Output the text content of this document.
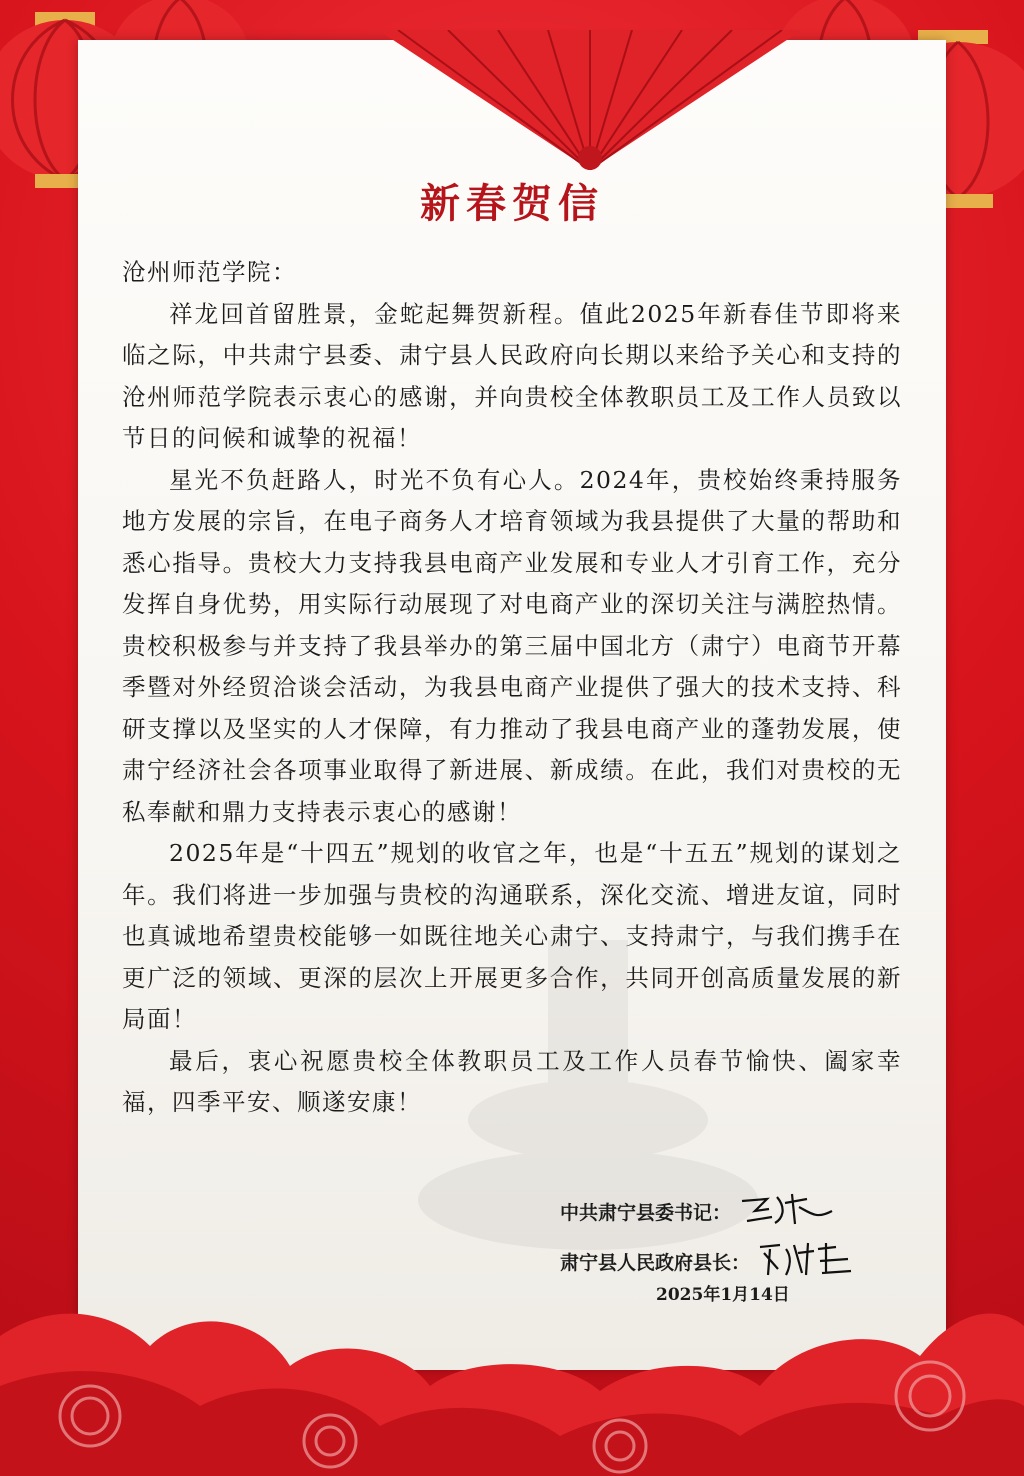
新春贺信

沧州师范学院：

祥龙回首留胜景，金蛇起舞贺新程。值此2025年新春佳节即将来临之际，中共肃宁县委、肃宁县人民政府向长期以来给予关心和支持的沧州师范学院表示衷心的感谢，并向贵校全体教职员工及工作人员致以节日的问候和诚挚的祝福！

星光不负赶路人，时光不负有心人。2024年，贵校始终秉持服务地方发展的宗旨，在电子商务人才培育领域为我县提供了大量的帮助和悉心指导。贵校大力支持我县电商产业发展和专业人才引育工作，充分发挥自身优势，用实际行动展现了对电商产业的深切关注与满腔热情。贵校积极参与并支持了我县举办的第三届中国北方（肃宁）电商节开幕季暨对外经贸洽谈会活动，为我县电商产业提供了强大的技术支持、科研支撑以及坚实的人才保障，有力推动了我县电商产业的蓬勃发展，使肃宁经济社会各项事业取得了新进展、新成绩。在此，我们对贵校的无私奉献和鼎力支持表示衷心的感谢！

2025年是“十四五”规划的收官之年，也是“十五五”规划的谋划之年。我们将进一步加强与贵校的沟通联系，深化交流、增进友谊，同时也真诚地希望贵校能够一如既往地关心肃宁、支持肃宁，与我们携手在更广泛的领域、更深的层次上开展更多合作，共同开创高质量发展的新局面！

最后，衷心祝愿贵校全体教职员工及工作人员春节愉快、阖家幸福，四季平安、顺遂安康！

中共肃宁县委书记：
肃宁县人民政府县长：
2025年1月14日
